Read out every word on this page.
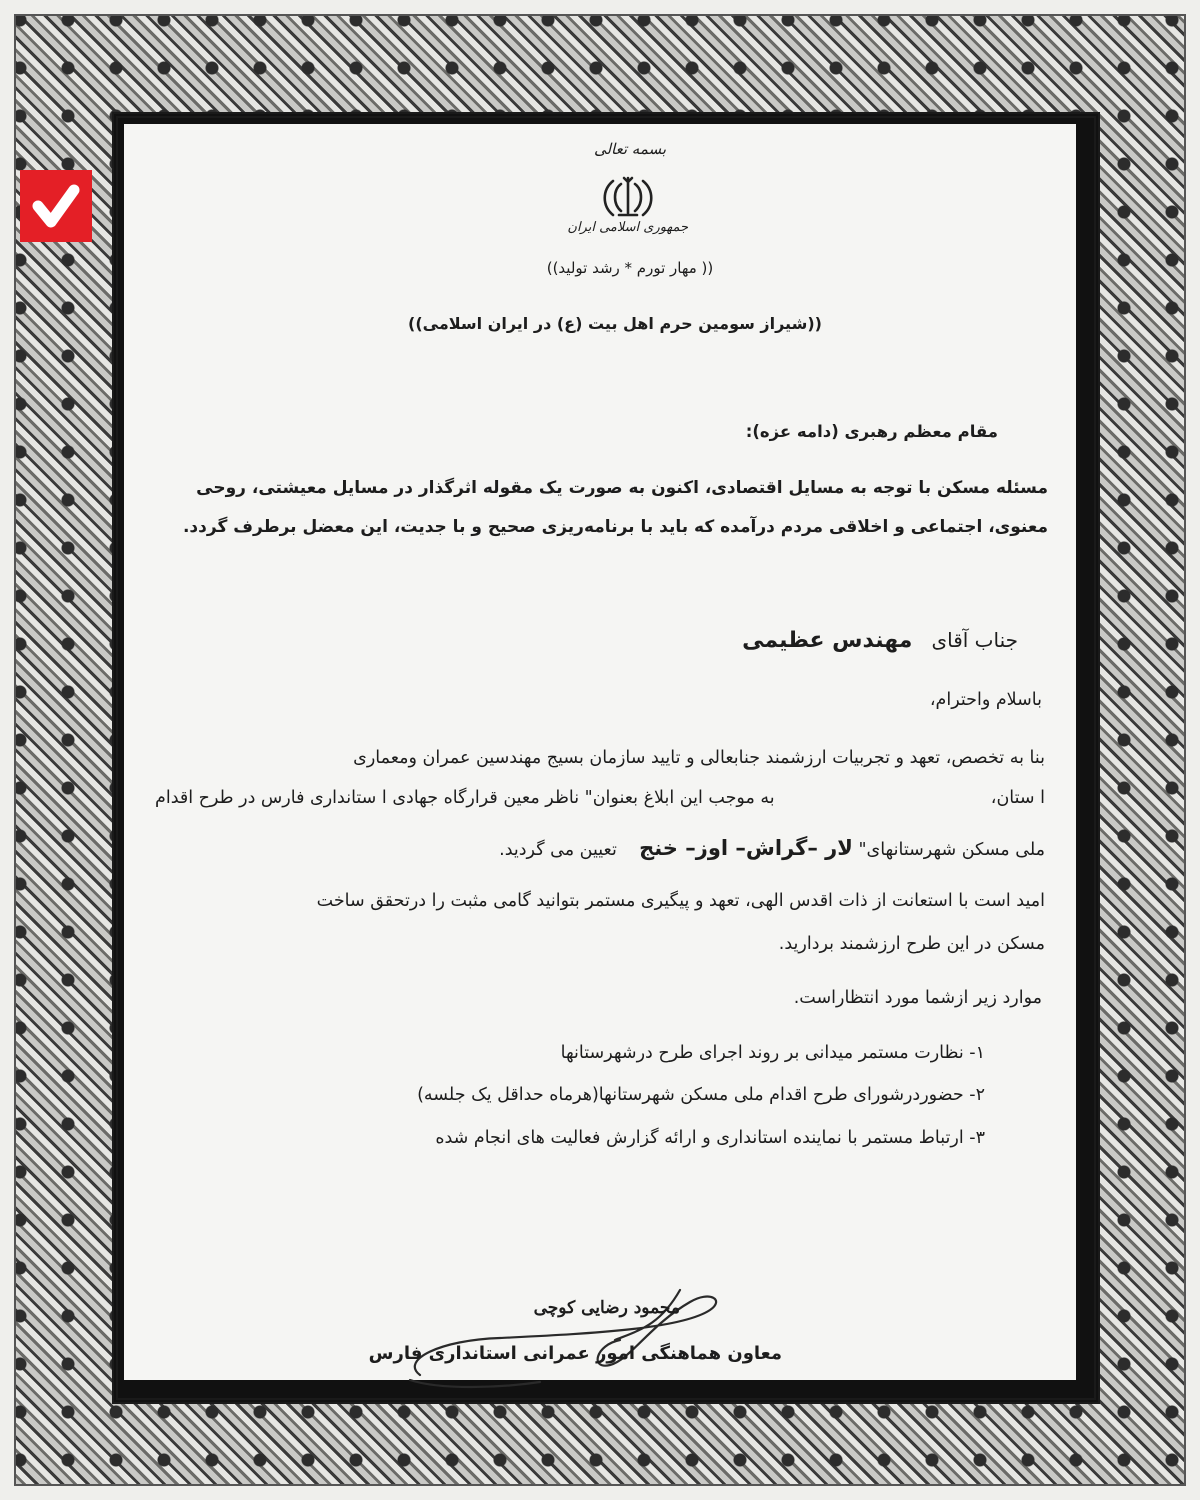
بسمه تعالی
جمهوری اسلامی ایران
(( مهار تورم * رشد تولید))
((شیراز سومین حرم اهل بیت (ع) در ایران اسلامی))
مقام معظم رهبری (دامه عزه):
مسئله مسکن با توجه به مسایل اقتصادی، اکنون به صورت یک مقوله اثرگذار در مسایل معیشتی، روحی
معنوی، اجتماعی و اخلاقی مردم درآمده که باید با برنامه‌ریزی صحیح و با جدیت، این معضل برطرف گردد.
جناب آقای   مهندس عظیمی
باسلام واحترام،
بنا به تخصص، تعهد و تجربیات ارزشمند جنابعالی و تایید سازمان بسیج مهندسین عمران ومعماری
ا ستان،
به موجب این ابلاغ بعنوان" ناظر معین قرارگاه جهادی ا ستانداری فارس در طرح اقدام
ملی مسکن شهرستانهای" لار –گراش– اوز– خنج    تعیین می گردید.
امید است با استعانت از ذات اقدس الهی، تعهد و پیگیری مستمر بتوانید گامی مثبت را درتحقق ساخت
مسکن در این طرح ارزشمند بردارید.
موارد زیر ازشما مورد انتظاراست.
۱- نظارت مستمر میدانی بر روند اجرای طرح درشهرستانها
۲- حضوردرشورای طرح اقدام ملی مسکن شهرستانها(هرماه حداقل یک جلسه)
۳- ارتباط مستمر با نماینده استانداری و ارائه گزارش فعالیت های انجام شده
محمود رضایی کوچی
معاون هماهنگی امور عمرانی استانداری فارس
